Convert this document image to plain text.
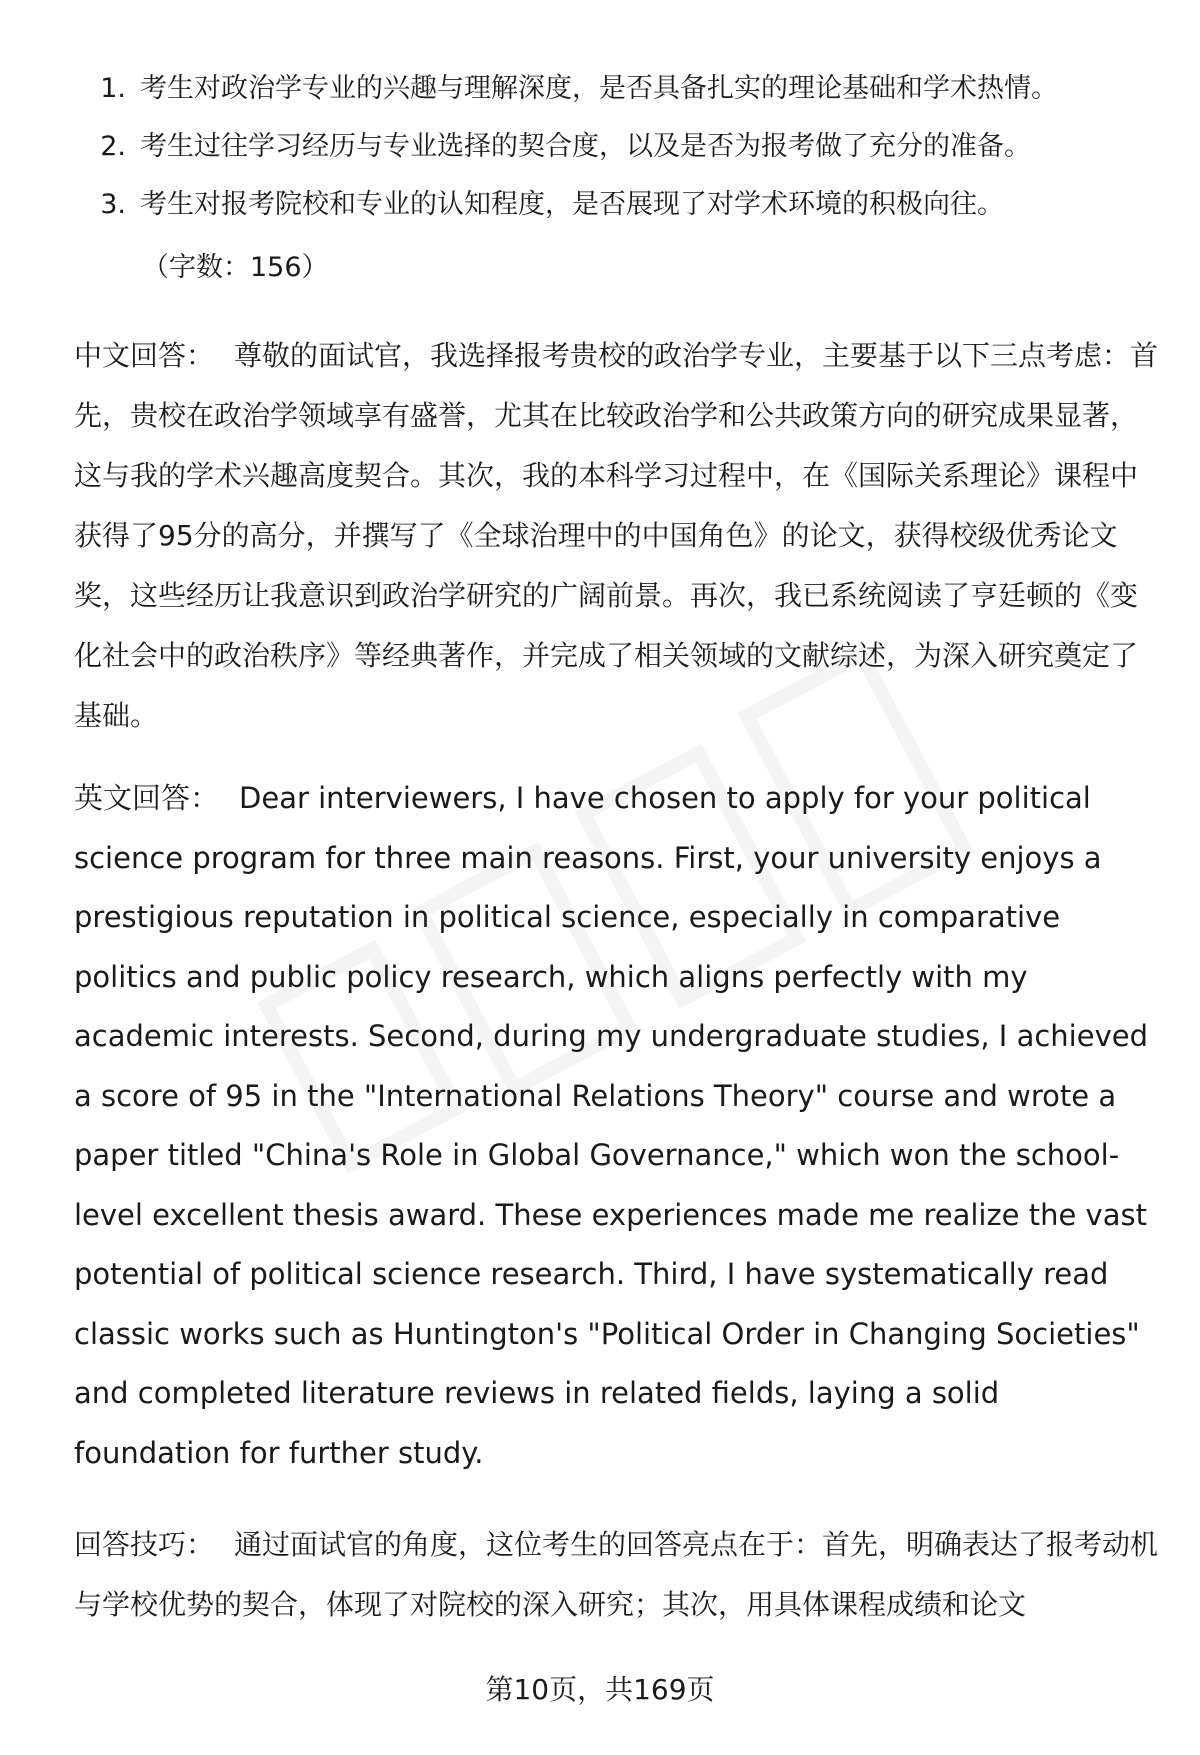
1. 考生对政治学专业的兴趣与理解深度，是否具备扎实的理论基础和学术热情。
2. 考生过往学习经历与专业选择的契合度，以及是否为报考做了充分的准备。
3. 考生对报考院校和专业的认知程度，是否展现了对学术环境的积极向往。
（字数：156）

中文回答： 尊敬的面试官，我选择报考贵校的政治学专业，主要基于以下三点考虑：首先，贵校在政治学领域享有盛誉，尤其在比较政治学和公共政策方向的研究成果显著，这与我的学术兴趣高度契合。其次，我的本科学习过程中，在《国际关系理论》课程中获得了95分的高分，并撰写了《全球治理中的中国角色》的论文，获得校级优秀论文奖，这些经历让我意识到政治学研究的广阔前景。再次，我已系统阅读了亨廷顿的《变化社会中的政治秩序》等经典著作，并完成了相关领域的文献综述，为深入研究奠定了基础。

英文回答： Dear interviewers, I have chosen to apply for your political science program for three main reasons. First, your university enjoys a prestigious reputation in political science, especially in comparative politics and public policy research, which aligns perfectly with my academic interests. Second, during my undergraduate studies, I achieved a score of 95 in the "International Relations Theory" course and wrote a paper titled "China's Role in Global Governance," which won the school-level excellent thesis award. These experiences made me realize the vast potential of political science research. Third, I have systematically read classic works such as Huntington's "Political Order in Changing Societies" and completed literature reviews in related fields, laying a solid foundation for further study.

回答技巧： 通过面试官的角度，这位考生的回答亮点在于：首先，明确表达了报考动机与学校优势的契合，体现了对院校的深入研究；其次，用具体课程成绩和论文

第10页，共169页
